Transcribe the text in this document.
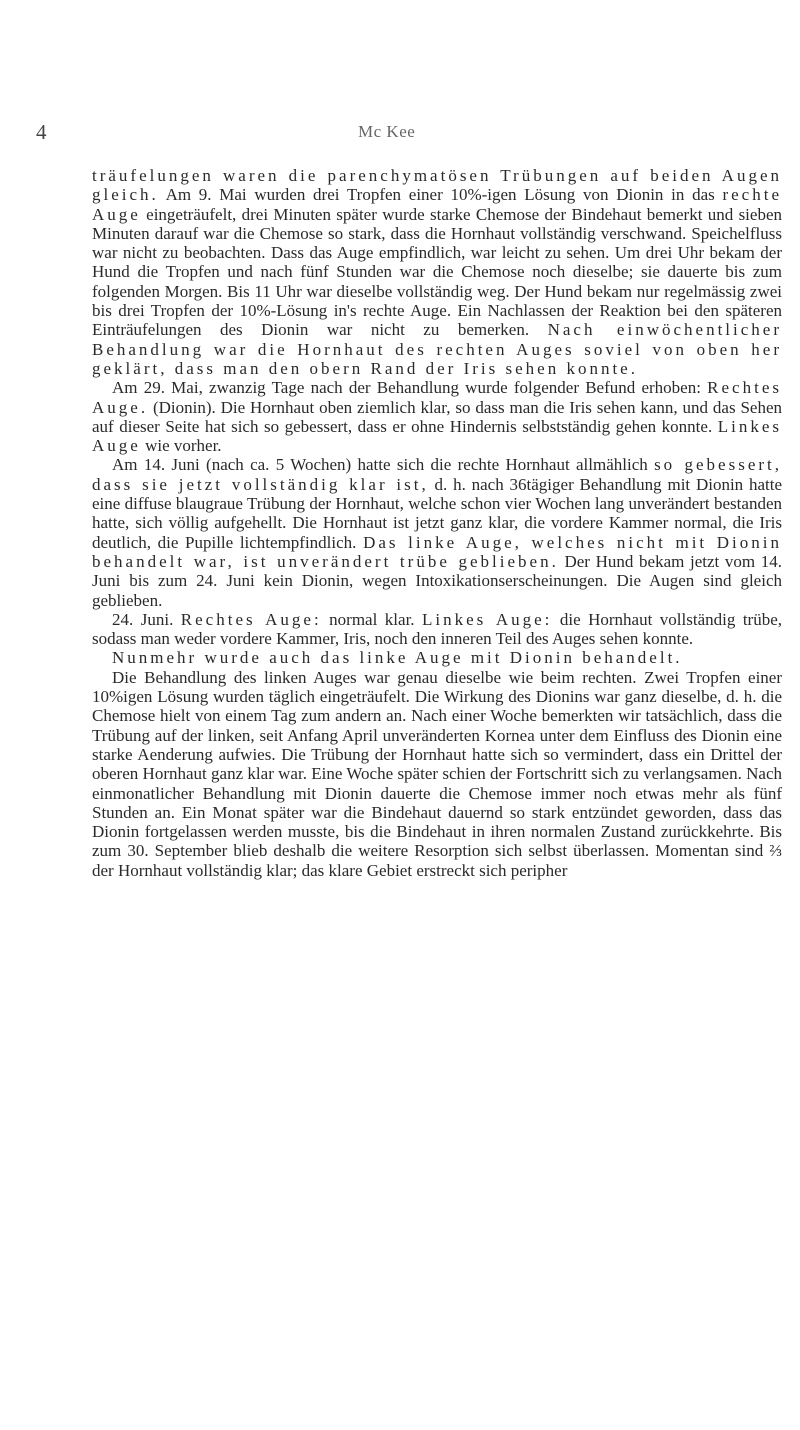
4	Mc Kee

träufelungen waren die parenchymatösen Trübungen auf beiden Augen gleich. Am 9. Mai wurden drei Tropfen einer 10%-igen Lösung von Dionin in das rechte Auge eingeträufelt, drei Minuten später wurde starke Chemose der Bindehaut bemerkt und sieben Minuten darauf war die Chemose so stark, dass die Hornhaut vollständig verschwand. Speichelfluss war nicht zu beobachten. Dass das Auge empfindlich, war leicht zu sehen. Um drei Uhr bekam der Hund die Tropfen und nach fünf Stunden war die Chemose noch dieselbe; sie dauerte bis zum folgenden Morgen. Bis 11 Uhr war dieselbe vollständig weg. Der Hund bekam nur regelmässig zwei bis drei Tropfen der 10%-Lösung in's rechte Auge. Ein Nachlassen der Reaktion bei den späteren Einträufelungen des Dionin war nicht zu bemerken. Nach einwöchentlicher Behandlung war die Hornhaut des rechten Auges soviel von oben her geklärt, dass man den obern Rand der Iris sehen konnte.

Am 29. Mai, zwanzig Tage nach der Behandlung wurde folgender Befund erhoben: Rechtes Auge. (Dionin). Die Hornhaut oben ziemlich klar, so dass man die Iris sehen kann, und das Sehen auf dieser Seite hat sich so gebessert, dass er ohne Hindernis selbstständig gehen konnte. Linkes Auge wie vorher.

Am 14. Juni (nach ca. 5 Wochen) hatte sich die rechte Hornhaut allmählich so gebessert, dass sie jetzt vollständig klar ist, d. h. nach 36tägiger Behandlung mit Dionin hatte eine diffuse blaugraue Trübung der Hornhaut, welche schon vier Wochen lang unverändert bestanden hatte, sich völlig aufgehellt. Die Hornhaut ist jetzt ganz klar, die vordere Kammer normal, die Iris deutlich, die Pupille lichtempfindlich. Das linke Auge, welches nicht mit Dionin behandelt war, ist unverändert trübe geblieben. Der Hund bekam jetzt vom 14. Juni bis zum 24. Juni kein Dionin, wegen Intoxikationserscheinungen. Die Augen sind gleich geblieben.

24. Juni. Rechtes Auge: normal klar. Linkes Auge: die Hornhaut vollständig trübe, sodass man weder vordere Kammer, Iris, noch den inneren Teil des Auges sehen konnte.

Nunmehr wurde auch das linke Auge mit Dionin behandelt.

Die Behandlung des linken Auges war genau dieselbe wie beim rechten. Zwei Tropfen einer 10%igen Lösung wurden täglich eingeträufelt. Die Wirkung des Dionins war ganz dieselbe, d. h. die Chemose hielt von einem Tag zum andern an. Nach einer Woche bemerkten wir tatsächlich, dass die Trübung auf der linken, seit Anfang April unveränderten Kornea unter dem Einfluss des Dionin eine starke Aenderung aufwies. Die Trübung der Hornhaut hatte sich so vermindert, dass ein Drittel der oberen Hornhaut ganz klar war. Eine Woche später schien der Fortschritt sich zu verlangsamen. Nach einmonatlicher Behandlung mit Dionin dauerte die Chemose immer noch etwas mehr als fünf Stunden an. Ein Monat später war die Bindehaut dauernd so stark entzündet geworden, dass das Dionin fortgelassen werden musste, bis die Bindehaut in ihren normalen Zustand zurückkehrte. Bis zum 30. September blieb deshalb die weitere Resorption sich selbst überlassen. Momentan sind ⅔ der Hornhaut vollständig klar; das klare Gebiet erstreckt sich peripher
